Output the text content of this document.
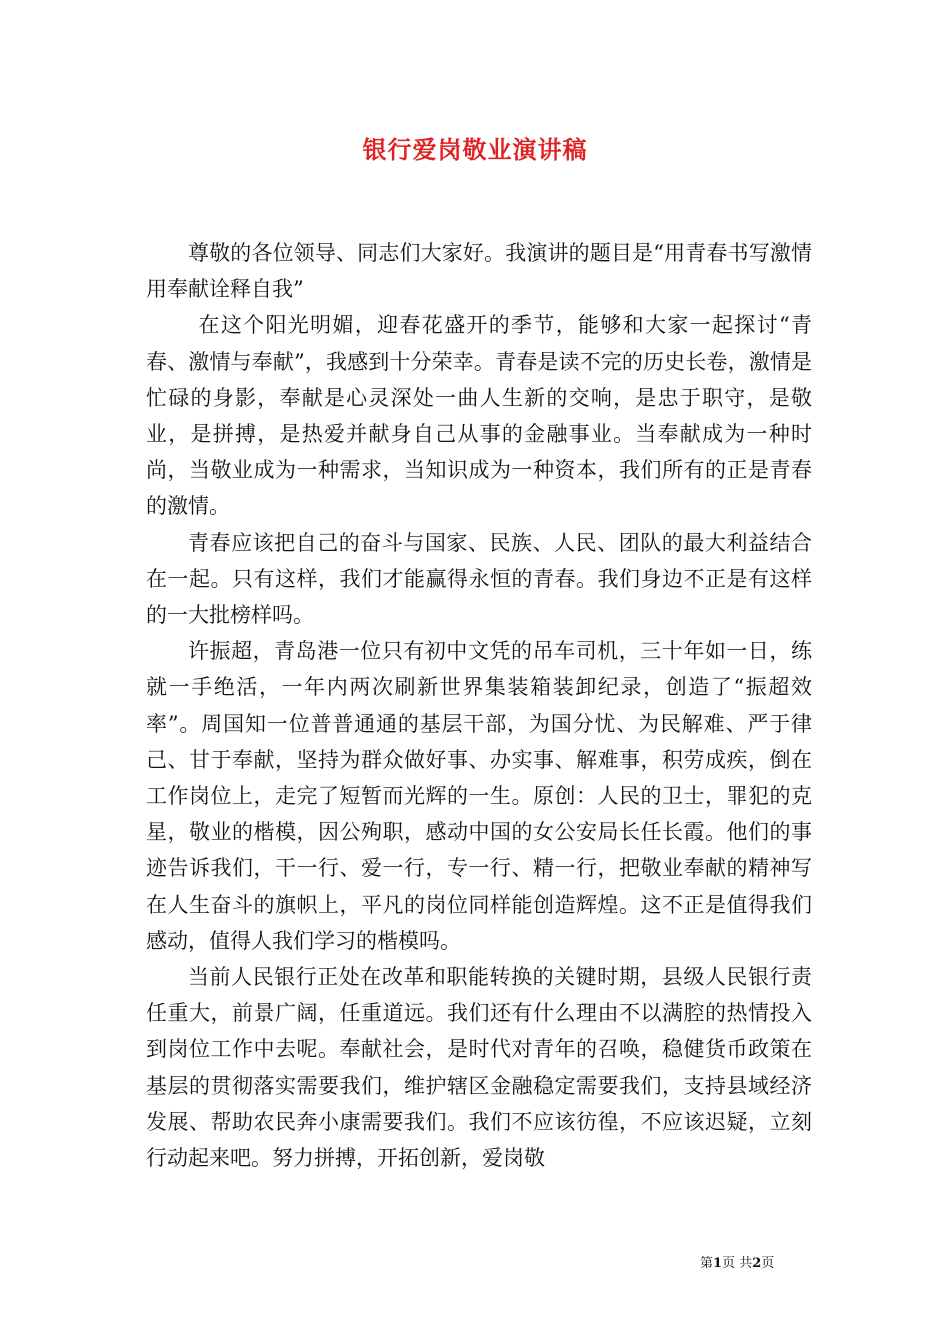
银行爱岗敬业演讲稿

尊敬的各位领导、同志们大家好。我演讲的题目是“用青春书写激情用奉献诠释自我”

在这个阳光明媚，迎春花盛开的季节，能够和大家一起探讨“青春、激情与奉献”，我感到十分荣幸。青春是读不完的历史长卷，激情是忙碌的身影，奉献是心灵深处一曲人生新的交响，是忠于职守，是敬业，是拼搏，是热爱并献身自己从事的金融事业。当奉献成为一种时尚，当敬业成为一种需求，当知识成为一种资本，我们所有的正是青春的激情。

青春应该把自己的奋斗与国家、民族、人民、团队的最大利益结合在一起。只有这样，我们才能赢得永恒的青春。我们身边不正是有这样的一大批榜样吗。

许振超，青岛港一位只有初中文凭的吊车司机，三十年如一日，练就一手绝活，一年内两次刷新世界集装箱装卸纪录，创造了“振超效率”。周国知一位普普通通的基层干部，为国分忧、为民解难、严于律己、甘于奉献，坚持为群众做好事、办实事、解难事，积劳成疾，倒在工作岗位上，走完了短暂而光辉的一生。原创：人民的卫士，罪犯的克星，敬业的楷模，因公殉职，感动中国的女公安局长任长霞。他们的事迹告诉我们，干一行、爱一行，专一行、精一行，把敬业奉献的精神写在人生奋斗的旗帜上，平凡的岗位同样能创造辉煌。这不正是值得我们感动，值得人我们学习的楷模吗。

当前人民银行正处在改革和职能转换的关键时期，县级人民银行责任重大，前景广阔，任重道远。我们还有什么理由不以满腔的热情投入到岗位工作中去呢。奉献社会，是时代对青年的召唤，稳健货币政策在基层的贯彻落实需要我们，维护辖区金融稳定需要我们，支持县域经济发展、帮助农民奔小康需要我们。我们不应该彷徨，不应该迟疑，立刻行动起来吧。努力拼搏，开拓创新，爱岗敬

第1页 共2页
